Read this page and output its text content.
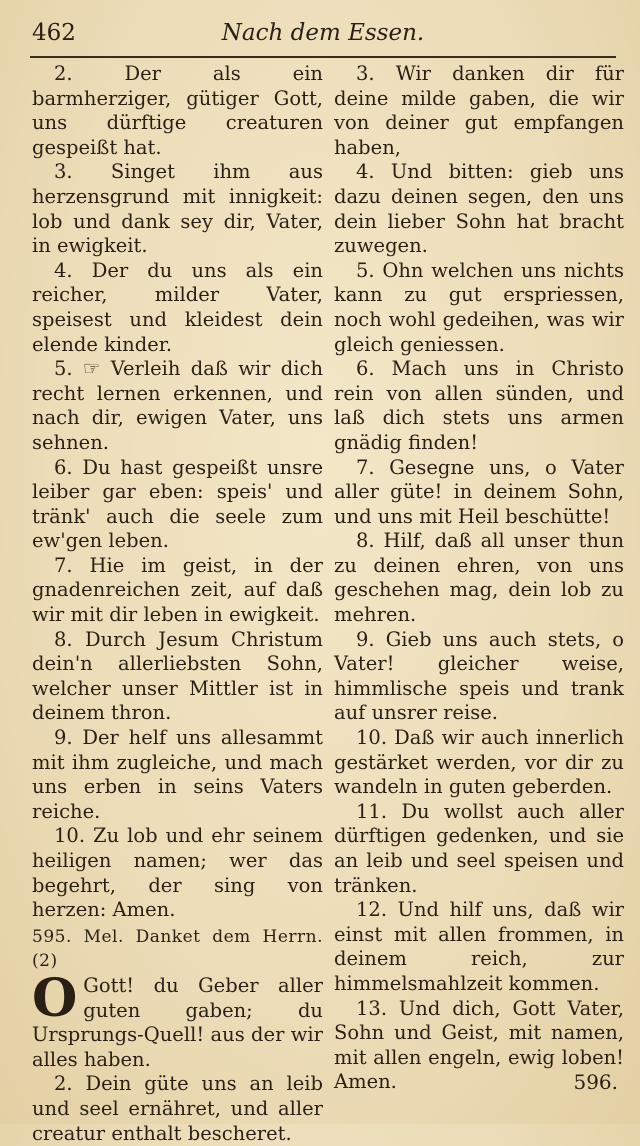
462	Nach dem Essen.

2. Der als ein barmherziger, gütiger Gott, uns dürftige creaturen gespeißt hat.

3. Singet ihm aus herzensgrund mit innigkeit: lob und dank sey dir, Vater, in ewigkeit.

4. Der du uns als ein reicher, milder Vater, speisest und kleidest dein elende kinder.

5. ☞ Verleih daß wir dich recht lernen erkennen, und nach dir, ewigen Vater, uns sehnen.

6. Du hast gespeißt unsre leiber gar eben: speis' und tränk' auch die seele zum ew'gen leben.

7. Hie im geist, in der gnadenreichen zeit, auf daß wir mit dir leben in ewigkeit.

8. Durch Jesum Christum dein'n allerliebsten Sohn, welcher unser Mittler ist in deinem thron.

9. Der helf uns allesammt mit ihm zugleiche, und mach uns erben in seins Vaters reiche.

10. Zu lob und ehr seinem heiligen namen; wer das begehrt, der sing von herzen: Amen.

595. Mel. Danket dem Herrn. (2)

O Gott! du Geber aller guten gaben; du Ursprungs-Quell! aus der wir alles haben.

2. Dein güte uns an leib und seel ernähret, und aller creatur enthalt bescheret.

3. Wir danken dir für deine milde gaben, die wir von deiner gut empfangen haben,

4. Und bitten: gieb uns dazu deinen segen, den uns dein lieber Sohn hat bracht zuwegen.

5. Ohn welchen uns nichts kann zu gut erspriessen, noch wohl gedeihen, was wir gleich geniessen.

6. Mach uns in Christo rein von allen sünden, und laß dich stets uns armen gnädig finden!

7. Gesegne uns, o Vater aller güte! in deinem Sohn, und uns mit Heil beschütte!

8. Hilf, daß all unser thun zu deinen ehren, von uns geschehen mag, dein lob zu mehren.

9. Gieb uns auch stets, o Vater! gleicher weise, himmlische speis und trank auf unsrer reise.

10. Daß wir auch innerlich gestärket werden, vor dir zu wandeln in guten geberden.

11. Du wollst auch aller dürftigen gedenken, und sie an leib und seel speisen und tränken.

12. Und hilf uns, daß wir einst mit allen frommen, in deinem reich, zur himmelsmahlzeit kommen.

13. Und dich, Gott Vater, Sohn und Geist, mit namen, mit allen engeln, ewig loben! Amen.	596.
